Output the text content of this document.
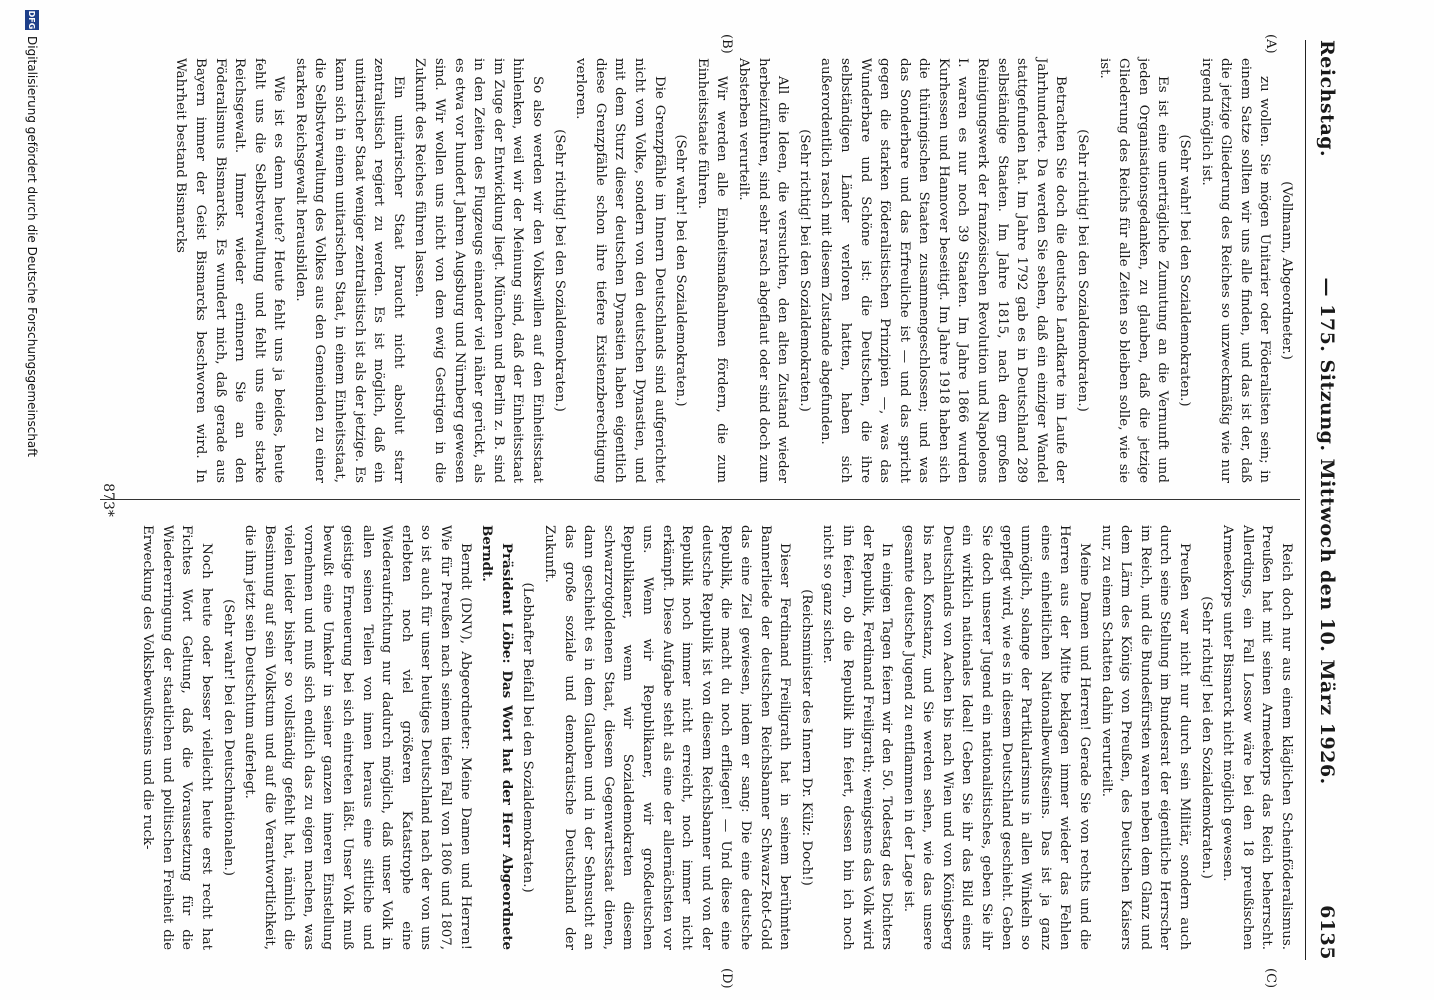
Reichstag.
— 175. Sitzung. Mittwoch den 10. März 1926.
6135
(A)
(B)
(C)
(D)

(Vollmann, Abgeordneter.)

zu wollen. Sie mögen Unitarier oder Föderalisten sein; in einem Satze sollten wir uns alle finden, und das ist der, daß die jetzige Gliederung des Reiches so unzweckmäßig wie nur irgend möglich ist.

(Sehr wahr! bei den Sozialdemokraten.)

Es ist eine unerträgliche Zumutung an die Vernunft und jeden Organisationsgedanken, zu glauben, daß die jetzige Gliederung des Reichs für alle Zeiten so bleiben solle, wie sie ist.

(Sehr richtig! bei den Sozialdemokraten.)

Betrachten Sie doch die deutsche Landkarte im Laufe der Jahrhunderte. Da werden Sie sehen, daß ein einziger Wandel stattgefunden hat. Im Jahre 1792 gab es in Deutschland 289 selbständige Staaten. Im Jahre 1815, nach dem großen Reinigungswerk der französischen Revolution und Napoleons I. waren es nur noch 39 Staaten. Im Jahre 1866 wurden Kurhessen und Hannover beseitigt. Im Jahre 1918 haben sich die thüringischen Staaten zusammengeschlossen; und was das Sonderbare und das Erfreuliche ist — und das spricht gegen die starken föderalistischen Prinzipien —, was das Wunderbare und Schöne ist: die Deutschen, die ihre selbständigen Länder verloren hatten, haben sich außerordentlich rasch mit diesem Zustande abgefunden.

(Sehr richtig! bei den Sozialdemokraten.)

All die Ideen, die versuchten, den alten Zustand wieder herbeizuführen, sind sehr rasch abgeflaut oder sind doch zum Absterben verurteilt.

Wir werden alle Einheitsmaßnahmen fördern, die zum Einheitsstaate führen.

(Sehr wahr! bei den Sozialdemokraten.)

Die Grenzpfähle im Innern Deutschlands sind aufgerichtet nicht vom Volke, sondern von den deutschen Dynastien, und mit dem Sturz dieser deutschen Dynastien haben eigentlich diese Grenzpfähle schon ihre tiefere Existenzberechtigung verloren.

(Sehr richtig! bei den Sozialdemokraten.)

So also werden wir den Volkswillen auf den Einheitsstaat hinlenken, weil wir der Meinung sind, daß der Einheitsstaat im Zuge der Entwicklung liegt. München und Berlin z. B. sind in den Zeiten des Flugzeugs einander viel näher gerückt, als es etwa vor hundert Jahren Augsburg und Nürnberg gewesen sind. Wir wollen uns nicht von dem ewig Gestrigen in die Zukunft des Reiches führen lassen.

Ein unitarischer Staat braucht nicht absolut starr zentralistisch regiert zu werden. Es ist möglich, daß ein unitarischer Staat weniger zentralistisch ist als der jetzige. Es kann sich in einem unitarischen Staat, in einem Einheitsstaat, die Selbstverwaltung des Volkes aus den Gemeinden zu einer starken Reichsgewalt herausbilden.

Wie ist es denn heute? Heute fehlt uns ja beides, heute fehlt uns die Selbstverwaltung und fehlt uns eine starke Reichsgewalt. Immer wieder erinnern Sie an den Föderalismus Bismarcks. Es wundert mich, daß gerade aus Bayern immer der Geist Bismarcks beschworen wird. In Wahrheit bestand Bismarcks

Reich doch nur aus einem kläglichen Scheinföderalismus. Preußen hat mit seinen Armeekorps das Reich beherrscht. Allerdings, ein Fall Lossow wäre bei den 18 preußischen Armeekorps unter Bismarck nicht möglich gewesen.

(Sehr richtig! bei den Sozialdemokraten.)

Preußen war nicht nur durch sein Militär, sondern auch durch seine Stellung im Bundesrat der eigentliche Herrscher im Reich, und die Bundesfürsten waren neben dem Glanz und dem Lärm des Königs von Preußen, des Deutschen Kaisers nur, zu einem Schatten dahin verurteilt.

Meine Damen und Herren! Gerade Sie von rechts und die Herren aus der Mitte beklagen immer wieder das Fehlen eines einheitlichen Nationalbewußtseins. Das ist ja ganz unmöglich, solange der Partikularismus in allen Winkeln so gepflegt wird, wie es in diesem Deutschland geschieht. Geben Sie doch unserer Jugend ein nationalistisches, geben Sie ihr ein wirklich nationales Ideal! Geben Sie ihr das Bild eines Deutschlands von Aachen bis nach Wien und von Königsberg bis nach Konstanz, und Sie werden sehen, wie das unsere gesamte deutsche Jugend zu entflammen in der Lage ist.

In einigen Tagen feiern wir den 50. Todestag des Dichters der Republik, Ferdinand Freiligrath; wenigstens das Volk wird ihn feiern, ob die Republik ihn feiert, dessen bin ich noch nicht so ganz sicher.

(Reichsminister des Innern Dr. Külz: Doch!)

Dieser Ferdinand Freiligrath hat in seinem berühmten Bannerliede der deutschen Reichsbanner Schwarz-Rot-Gold das eine Ziel gewiesen, indem er sang: Die eine deutsche Republik, die macht du noch erfliegen! — Und diese eine deutsche Republik ist von diesem Reichsbanner und von der Republik noch immer nicht erreicht, noch immer nicht erkämpft. Diese Aufgabe steht als eine der allernächsten vor uns. Wenn wir Republikaner, wir großdeutschen Republikaner, wenn wir Sozialdemokraten diesem schwarzrotgoldenen Staat, diesem Gegenwartsstaat dienen, dann geschieht es in dem Glauben und in der Sehnsucht an das große soziale und demokratische Deutschland der Zukunft.

(Lebhafter Beifall bei den Sozialdemokraten.)

Präsident Löbe: Das Wort hat der Herr Abgeordnete Berndt.

Berndt (DNV), Abgeordneter: Meine Damen und Herren! Wie für Preußen nach seinem tiefen Fall von 1806 und 1807, so ist auch für unser heutiges Deutschland nach der von uns erlebten noch viel größeren Katastrophe eine Wiederaufrichtung nur dadurch möglich, daß unser Volk in allen seinen Teilen von innen heraus eine sittliche und geistige Erneuerung bei sich eintreten läßt. Unser Volk muß bewußt eine Umkehr in seiner ganzen inneren Einstellung vornehmen und muß sich endlich das zu eigen machen, was vielen leider bisher so vollständig gefehlt hat, nämlich die Besinnung auf sein Volkstum und auf die Verantwortlichkeit, die ihm jetzt sein Deutschtum auferlegt.

(Sehr wahr! bei den Deutschnationalen.)

Noch heute oder besser vielleicht heute erst recht hat Fichtes Wort Geltung, daß die Voraussetzung für die Wiedererringung der staatlichen und politischen Freiheit die Erweckung des Volksbewußtseins und die ruck-

873*
DFG
Digitalisierung gefördert durch die Deutsche Forschungsgemeinschaft
